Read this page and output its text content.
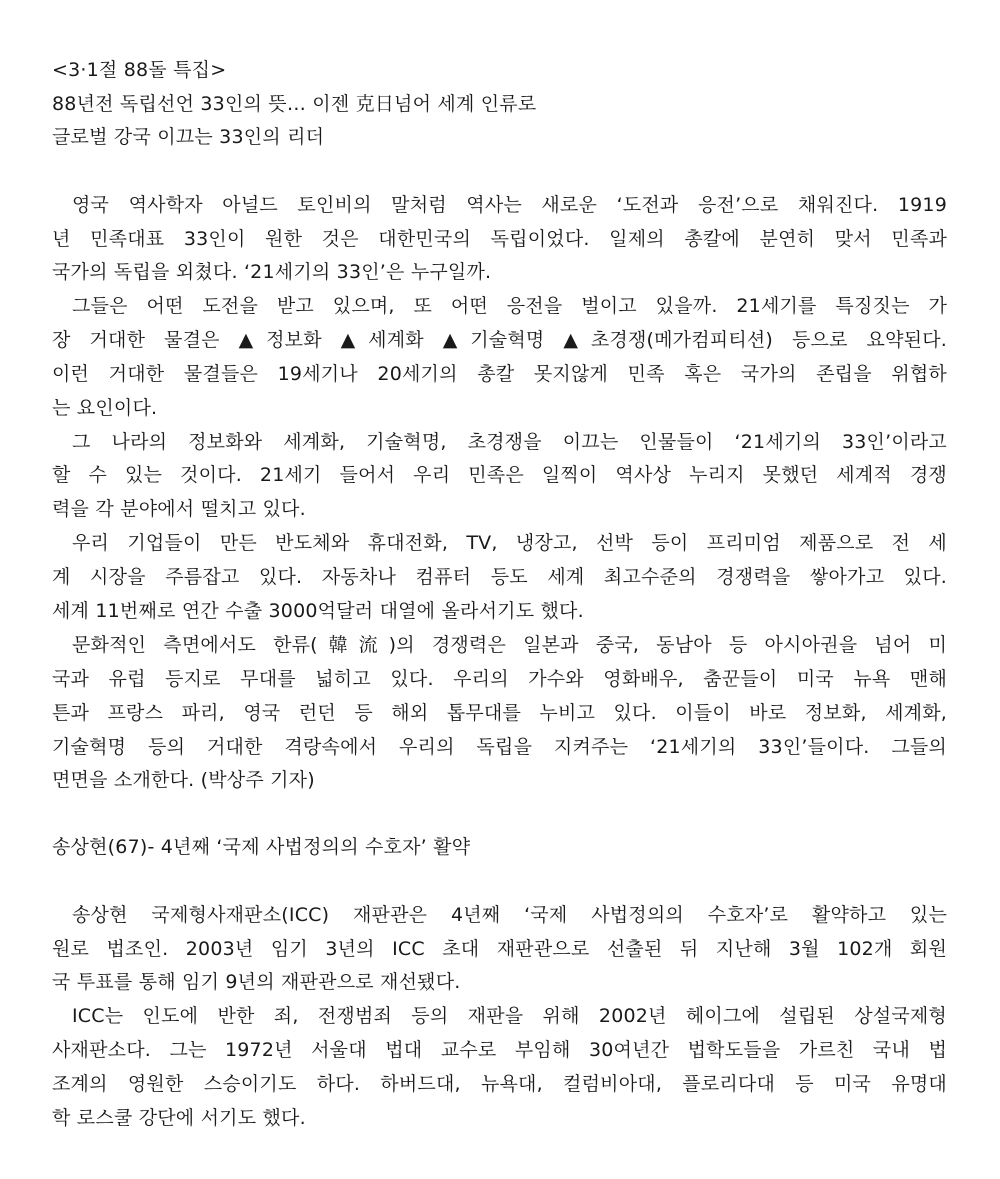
<3·1절 88돌 특집>
88년전 독립선언 33인의 뜻… 이젠 克日넘어 세계 인류로
글로벌 강국 이끄는 33인의 리더
영국 역사학자 아널드 토인비의 말처럼 역사는 새로운 ‘도전과 응전’으로 채워진다. 1919
년 민족대표 33인이 원한 것은 대한민국의 독립이었다. 일제의 총칼에 분연히 맞서 민족과
국가의 독립을 외쳤다. ‘21세기의 33인’은 누구일까.
그들은 어떤 도전을 받고 있으며, 또 어떤 응전을 벌이고 있을까. 21세기를 특징짓는 가
장 거대한 물결은 ▲정보화 ▲세계화 ▲기술혁명 ▲초경쟁(메가컴피티션) 등으로 요약된다.
이런 거대한 물결들은 19세기나 20세기의 총칼 못지않게 민족 혹은 국가의 존립을 위협하
는 요인이다.
그 나라의 정보화와 세계화, 기술혁명, 초경쟁을 이끄는 인물들이 ‘21세기의 33인’이라고
할 수 있는 것이다. 21세기 들어서 우리 민족은 일찍이 역사상 누리지 못했던 세계적 경쟁
력을 각 분야에서 떨치고 있다.
우리 기업들이 만든 반도체와 휴대전화, TV, 냉장고, 선박 등이 프리미엄 제품으로 전 세
계 시장을 주름잡고 있다. 자동차나 컴퓨터 등도 세계 최고수준의 경쟁력을 쌓아가고 있다.
세계 11번째로 연간 수출 3000억달러 대열에 올라서기도 했다.
문화적인 측면에서도 한류(韓流)의 경쟁력은 일본과 중국, 동남아 등 아시아권을 넘어 미
국과 유럽 등지로 무대를 넓히고 있다. 우리의 가수와 영화배우, 춤꾼들이 미국 뉴욕 맨해
튼과 프랑스 파리, 영국 런던 등 해외 톱무대를 누비고 있다. 이들이 바로 정보화, 세계화,
기술혁명 등의 거대한 격랑속에서 우리의 독립을 지켜주는 ‘21세기의 33인’들이다. 그들의
면면을 소개한다. (박상주 기자)
송상현(67)- 4년째 ‘국제 사법정의의 수호자’ 활약
송상현 국제형사재판소(ICC) 재판관은 4년째 ‘국제 사법정의의 수호자’로 활약하고 있는
원로 법조인. 2003년 임기 3년의 ICC 초대 재판관으로 선출된 뒤 지난해 3월 102개 회원
국 투표를 통해 임기 9년의 재판관으로 재선됐다.
ICC는 인도에 반한 죄, 전쟁범죄 등의 재판을 위해 2002년 헤이그에 설립된 상설국제형
사재판소다. 그는 1972년 서울대 법대 교수로 부임해 30여년간 법학도들을 가르친 국내 법
조계의 영원한 스승이기도 하다. 하버드대, 뉴욕대, 컬럼비아대, 플로리다대 등 미국 유명대
학 로스쿨 강단에 서기도 했다.
